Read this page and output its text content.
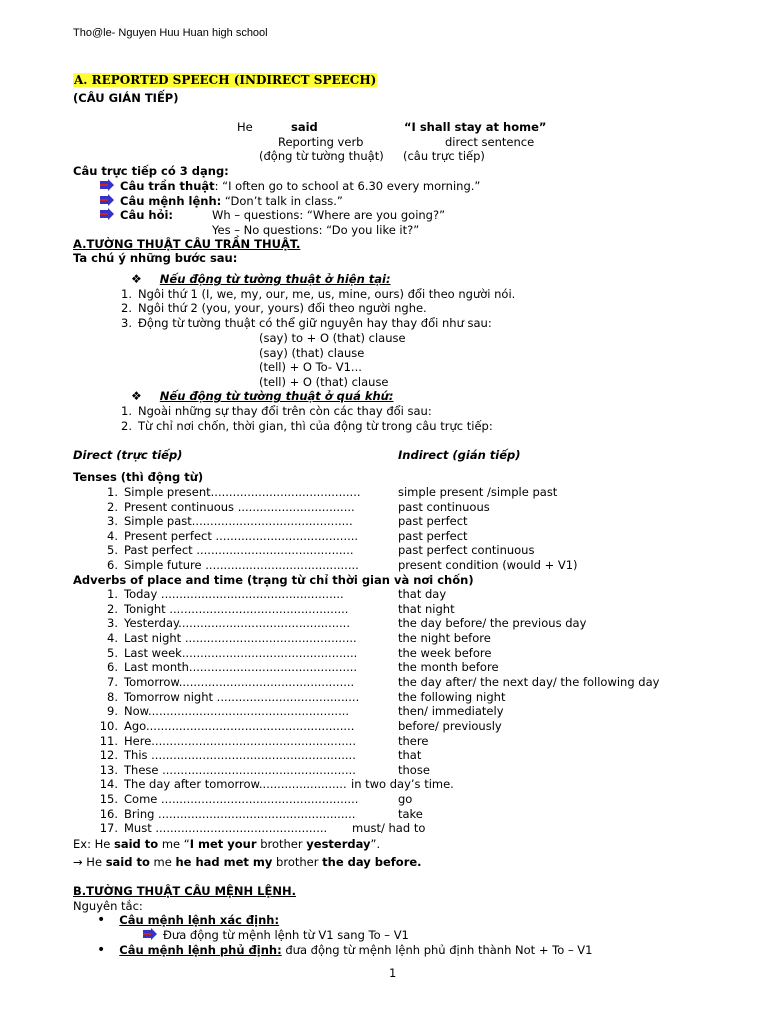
Tho@le- Nguyen Huu Huan high school
A. REPORTED SPEECH (INDIRECT SPEECH)
(CÂU GIÁN TIẾP)
He	said	“I shall stay at home”
Reporting verb	direct sentence
(động từ tường thuật) (câu trực tiếp)
Câu trực tiếp có 3 dạng:
Câu trần thuật: “I often go to school at 6.30 every morning.”
Câu mệnh lệnh: “Don’t talk in class.”
Câu hỏi:	Wh – questions: “Where are you going?”
Yes – No questions: “Do you like it?”
A.TƯỜNG THUẬT CÂU TRẦN THUẬT.
Ta chú ý những bước sau:
❖ Nếu động từ tường thuật ở hiện tại:
1. Ngôi thứ 1 (I, we, my, our, me, us, mine, ours) đổi theo người nói.
2. Ngôi thứ 2 (you, your, yours) đổi theo người nghe.
3. Động từ tường thuật có thể giữ nguyên hay thay đổi như sau:
(say) to + O (that) clause
(say) (that) clause
(tell) + O To- V1...
(tell) + O (that) clause
❖ Nếu động từ tường thuật ở quá khứ:
1. Ngoài những sự thay đổi trên còn các thay đổi sau:
2. Từ chỉ nơi chốn, thời gian, thì của động từ trong câu trực tiếp:
Direct (trực tiếp)	Indirect (gián tiếp)
Tenses (thì động từ)
1. Simple present.........................................	simple present /simple past
2. Present continuous ................................	past continuous
3. Simple past............................................	past perfect
4. Present perfect .......................................	past perfect
5. Past perfect ...........................................	past perfect continuous
6. Simple future ..........................................	present condition (would + V1)
Adverbs of place and time (trạng từ chỉ thời gian và nơi chốn)
1. Today ..................................................	that day
2. Tonight .................................................	that night
3. Yesterday...............................................	the day before/ the previous day
4. Last night ...............................................	the night before
5. Last week................................................	the week before
6. Last month..............................................	the month before
7. Tomorrow................................................	the day after/ the next day/ the following day
8. Tomorrow night .......................................	the following night
9. Now.......................................................	then/ immediately
10. Ago.........................................................	before/ previously
11. Here........................................................	there
12. This ........................................................	that
13. These .....................................................	those
14. The day after tomorrow........................ in two day’s time.
15. Come ......................................................	go
16. Bring ......................................................	take
17. Must ............................................... must/ had to
Ex: He said to me “I met your brother yesterday”.
→ He said to me he had met my brother the day before.
B.TƯỜNG THUẬT CÂU MỆNH LỆNH.
Nguyên tắc:
• Câu mệnh lệnh xác định:
Đưa động từ mệnh lệnh từ V1 sang To – V1
• Câu mệnh lệnh phủ định: đưa động từ mệnh lệnh phủ định thành Not + To – V1
1
